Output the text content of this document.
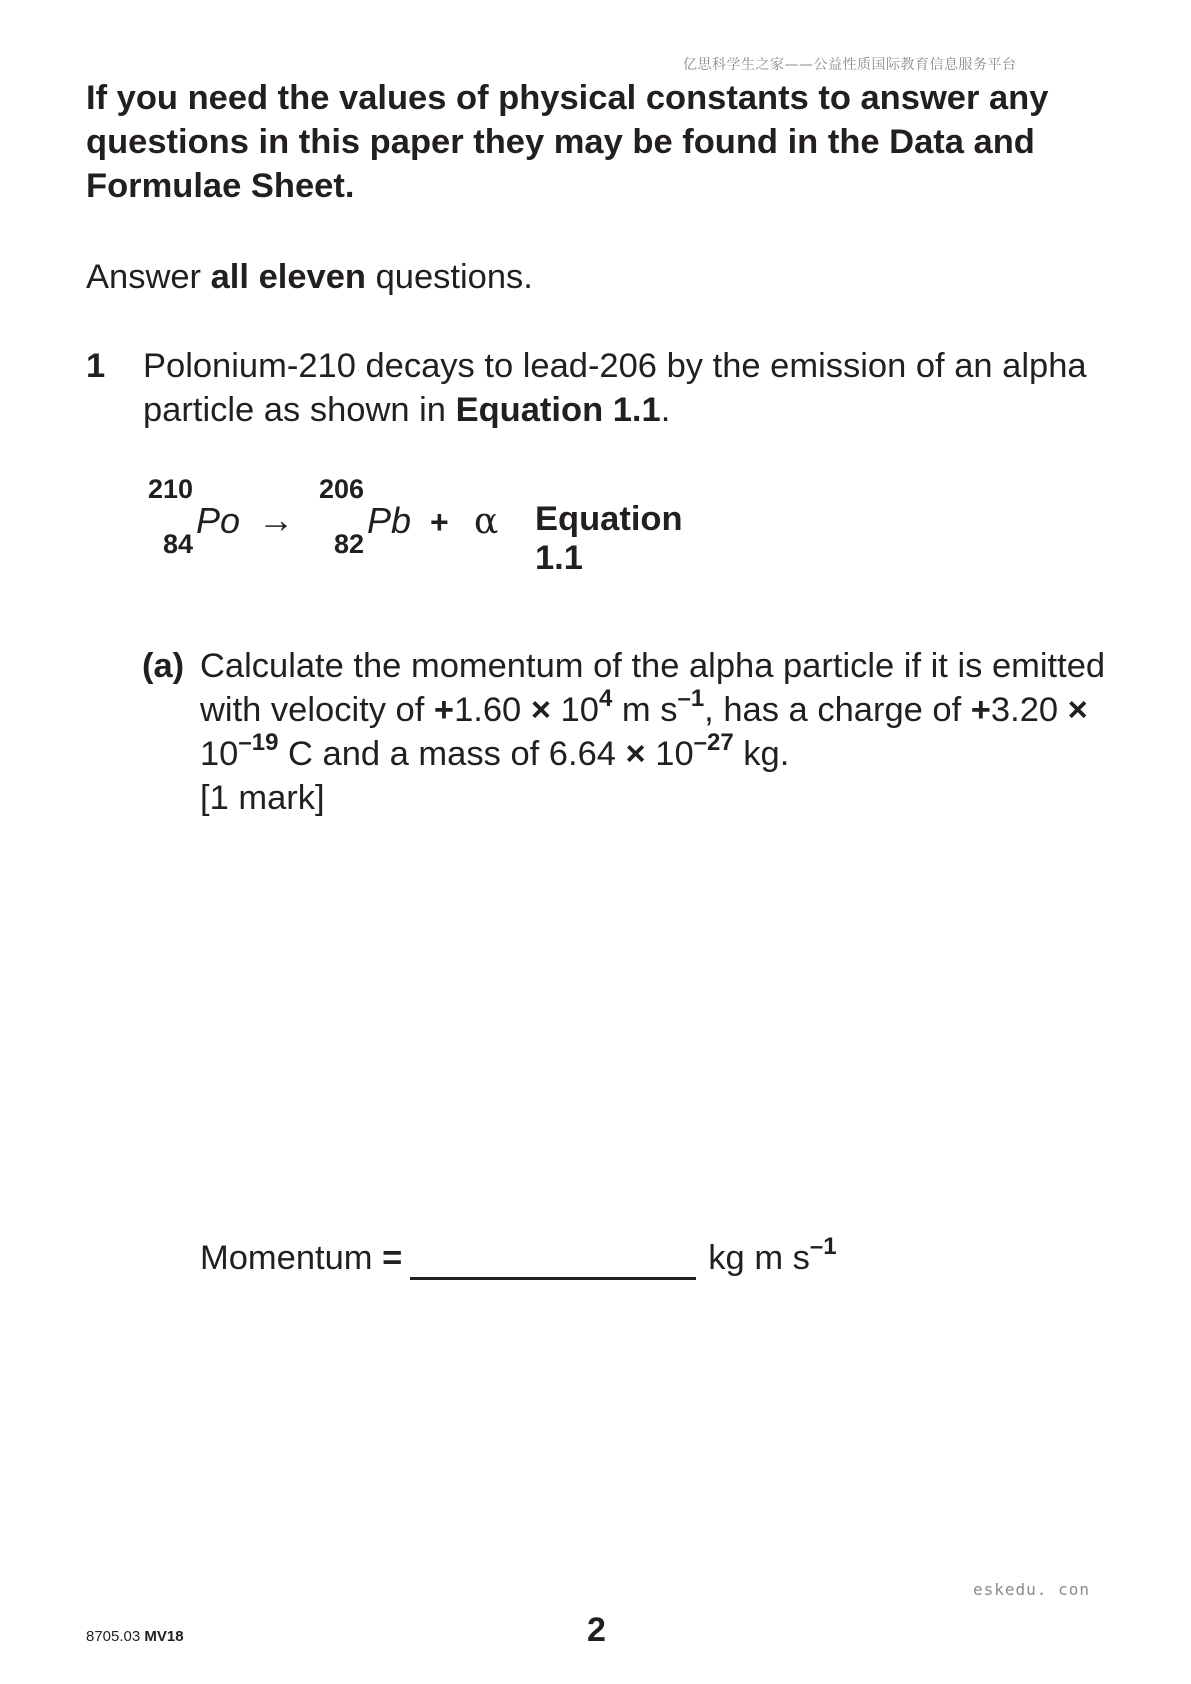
亿思科学生之家——公益性质国际教育信息服务平台

If you need the values of physical constants to answer any questions in this paper they may be found in the Data and Formulae Sheet.

Answer all eleven questions.
1 Polonium-210 decays to lead-206 by the emission of an alpha particle as shown in Equation 1.1.
210
84
Po →
206
82
Pb + α Equation 1.1
(a) Calculate the momentum of the alpha particle if it is emitted with velocity of $+1.60 \times 10^4$ m $s^{-1}$, has a charge of $+3.20 \times 10^{-19}$ C and a mass of $6.64 \times 10^{-27}$ kg.
[1 mark]
Momentum =	kg m $s^{-1}$
eskedu. con
8705.03 MV18	2
